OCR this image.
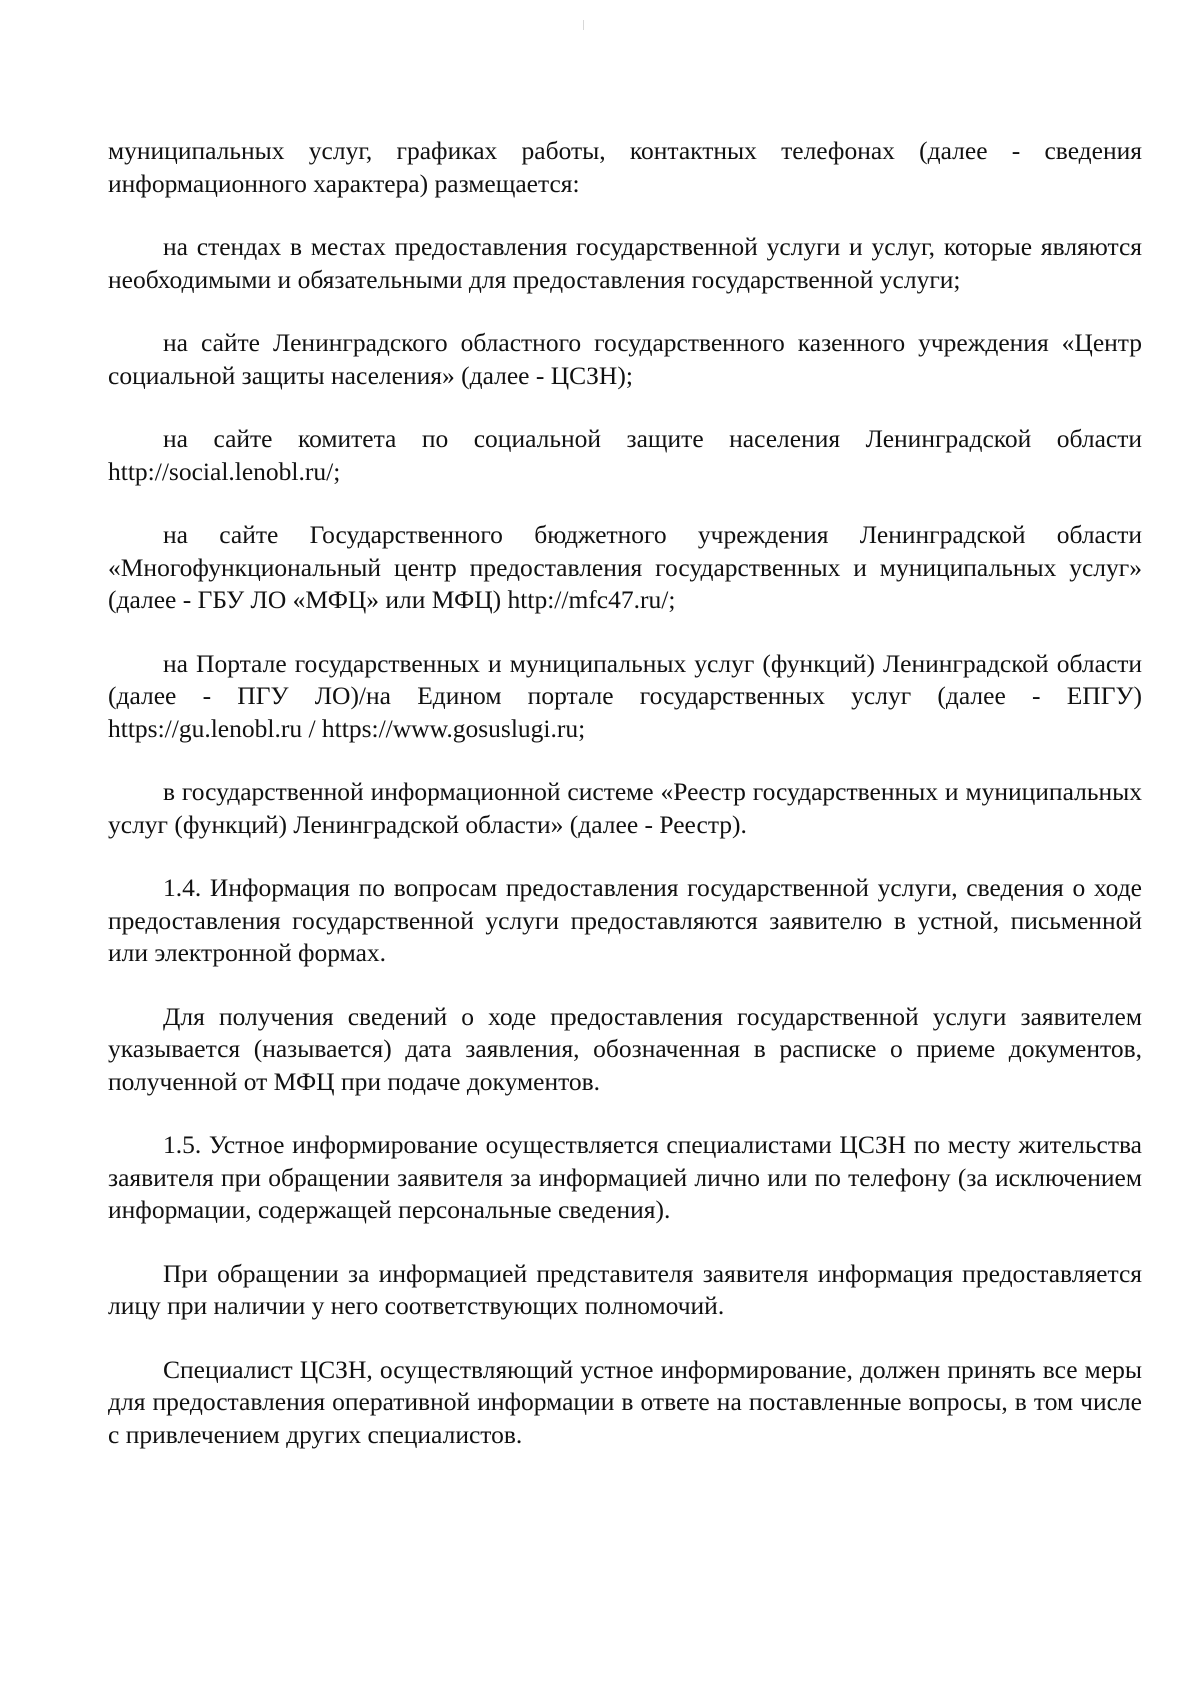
муниципальных услуг, графиках работы, контактных телефонах (далее - сведения информационного характера) размещается:

на стендах в местах предоставления государственной услуги и услуг, которые являются необходимыми и обязательными для предоставления государственной услуги;

на сайте Ленинградского областного государственного казенного учреждения «Центр социальной защиты населения» (далее - ЦСЗН);

на сайте комитета по социальной защите населения Ленинградской области http://social.lenobl.ru/;

на сайте Государственного бюджетного учреждения Ленинградской области «Многофункциональный центр предоставления государственных и муниципальных услуг» (далее - ГБУ ЛО «МФЦ» или МФЦ) http://mfc47.ru/;

на Портале государственных и муниципальных услуг (функций) Ленинградской области (далее - ПГУ ЛО)/на Едином портале государственных услуг (далее - ЕПГУ) https://gu.lenobl.ru / https://www.gosuslugi.ru;

в государственной информационной системе «Реестр государственных и муниципальных услуг (функций) Ленинградской области» (далее - Реестр).

1.4. Информация по вопросам предоставления государственной услуги, сведения о ходе предоставления государственной услуги предоставляются заявителю в устной, письменной или электронной формах.

Для получения сведений о ходе предоставления государственной услуги заявителем указывается (называется) дата заявления, обозначенная в расписке о приеме документов, полученной от МФЦ при подаче документов.

1.5. Устное информирование осуществляется специалистами ЦСЗН по месту жительства заявителя при обращении заявителя за информацией лично или по телефону (за исключением информации, содержащей персональные сведения).

При обращении за информацией представителя заявителя информация предоставляется лицу при наличии у него соответствующих полномочий.

Специалист ЦСЗН, осуществляющий устное информирование, должен принять все меры для предоставления оперативной информации в ответе на поставленные вопросы, в том числе с привлечением других специалистов.
